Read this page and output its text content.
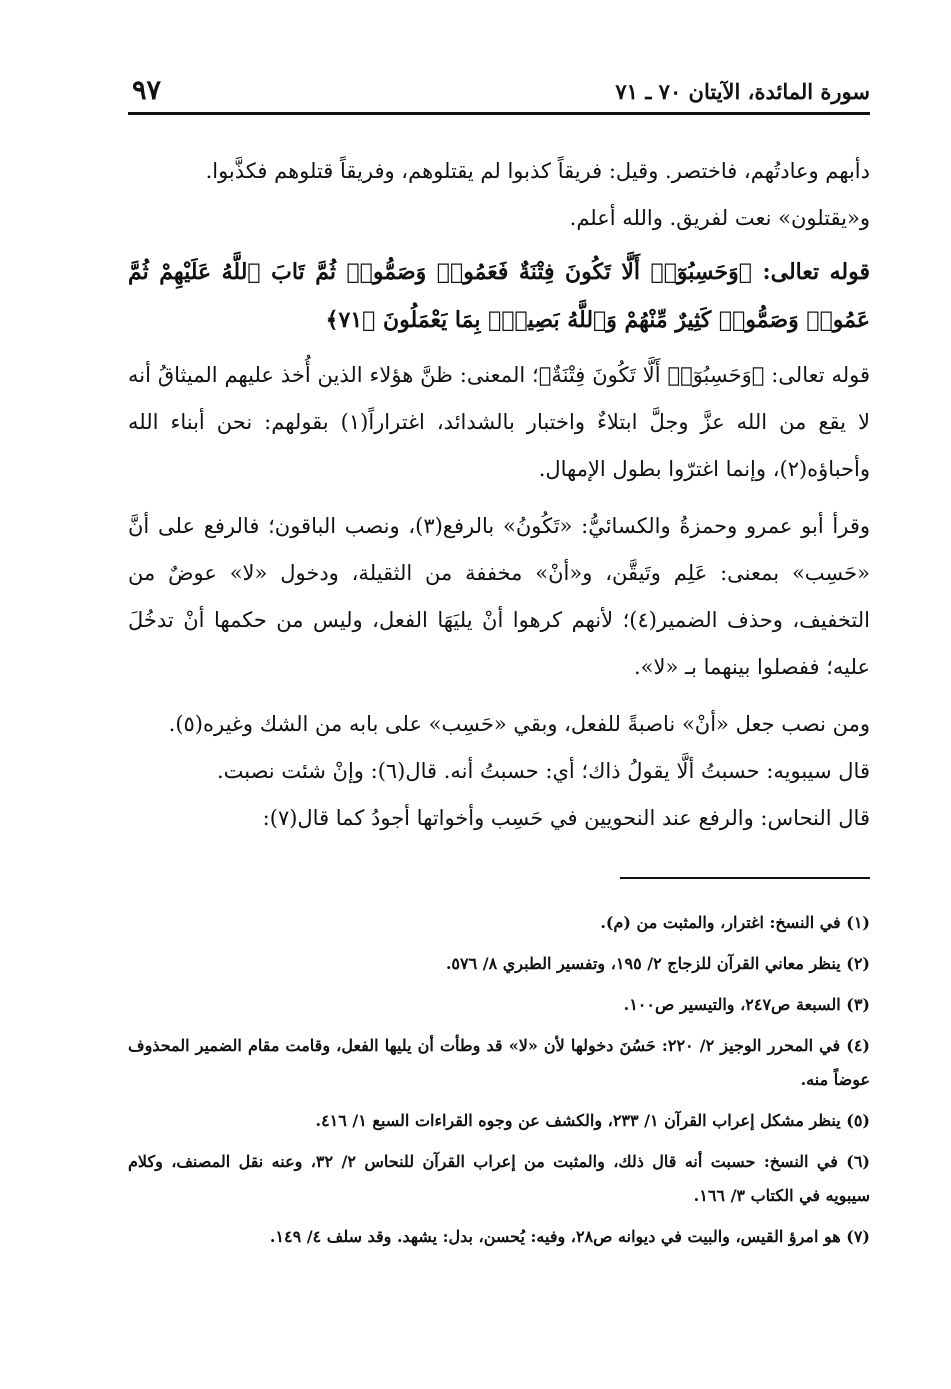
سورة المائدة، الآيتان ٧٠ ـ ٧١
٩٧

دأبهم وعادتُهم، فاختصر. وقيل: فريقاً كذبوا لم يقتلوهم، وفريقاً قتلوهم فكذَّبوا.

و«يقتلون» نعت لفريق. والله أعلم.

قوله تعالى: ﴿وَحَسِبُوٓا۟ أَلَّا تَكُونَ فِتْنَةٌ فَعَمُوا۟ وَصَمُّوا۟ ثُمَّ تَابَ ٱللَّهُ عَلَيْهِمْ ثُمَّ عَمُوا۟ وَصَمُّوا۟ كَثِيرٌ مِّنْهُمْ وَٱللَّهُ بَصِيرٌۢ بِمَا يَعْمَلُونَ ﴿٧١﴾

قوله تعالى: ﴿وَحَسِبُوٓا۟ أَلَّا تَكُونَ فِتْنَةٌ﴾؛ المعنى: ظنَّ هؤلاء الذين أُخذ عليهم الميثاقُ أنه لا يقع من الله عزَّ وجلَّ ابتلاءٌ واختبار بالشدائد، اغتراراً(١) بقولهم: نحن أبناء الله وأحباؤه(٢)، وإنما اغترّوا بطول الإمهال.

وقرأ أبو عمرو وحمزةُ والكسائيُّ: «تَكُونُ» بالرفع(٣)، ونصب الباقون؛ فالرفع على أنَّ «حَسِب» بمعنى: عَلِم وتَيقَّن، و«أنْ» مخففة من الثقيلة، ودخول «لا» عوضٌ من التخفيف، وحذف الضمير(٤)؛ لأنهم كرهوا أنْ يليَهَا الفعل، وليس من حكمها أنْ تدخُلَ عليه؛ ففصلوا بينهما بـ «لا».

ومن نصب جعل «أنْ» ناصبةً للفعل، وبقي «حَسِب» على بابه من الشك وغيره(٥).

قال سيبويه: حسبتُ ألَّا يقولُ ذاك؛ أي: حسبتُ أنه. قال(٦): وإنْ شئت نصبت.

قال النحاس: والرفع عند النحويين في حَسِب وأخواتها أجودُ كما قال(٧):

(١) في النسخ: اغترار، والمثبت من (م).

(٢) ينظر معاني القرآن للزجاج ٢/ ١٩٥، وتفسير الطبري ٨/ ٥٧٦.

(٣) السبعة ص٢٤٧، والتيسير ص١٠٠.

(٤) في المحرر الوجيز ٢/ ٢٢٠: حَسُنَ دخولها لأن «لا» قد وطأت أن يليها الفعل، وقامت مقام الضمير المحذوف عوضاً منه.

(٥) ينظر مشكل إعراب القرآن ١/ ٢٣٣، والكشف عن وجوه القراءات السبع ١/ ٤١٦.

(٦) في النسخ: حسبت أنه قال ذلك، والمثبت من إعراب القرآن للنحاس ٢/ ٣٢، وعنه نقل المصنف، وكلام سيبويه في الكتاب ٣/ ١٦٦.

(٧) هو امرؤ القيس، والبيت في ديوانه ص٢٨، وفيه: يُحسن، بدل: يشهد. وقد سلف ٤/ ١٤٩.
